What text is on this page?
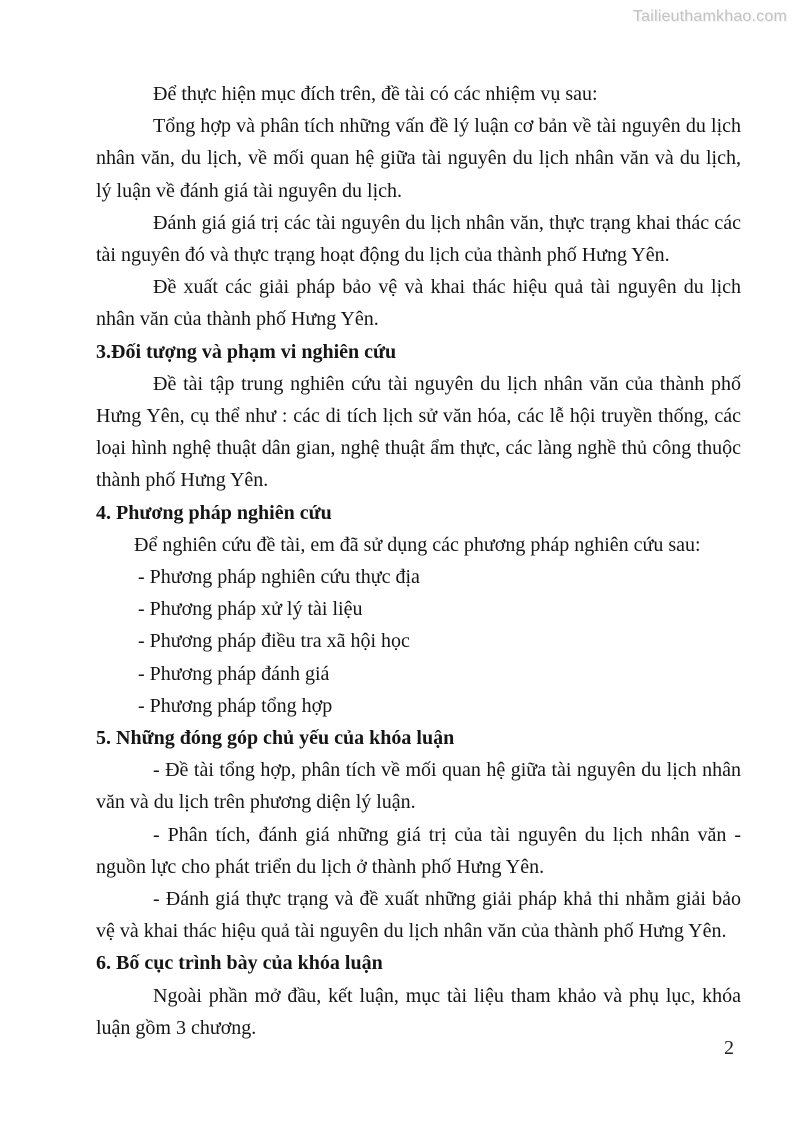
Tailieuthamkhao.com

Để thực hiện mục đích trên, đề tài có các nhiệm vụ sau:

Tổng hợp và phân tích những vấn đề lý luận cơ bản về tài nguyên du lịch nhân văn, du lịch, về mối quan hệ giữa tài nguyên du lịch nhân văn và du lịch, lý luận về đánh giá tài nguyên du lịch.

Đánh giá giá trị các tài nguyên du lịch nhân văn, thực trạng khai thác các tài nguyên đó và thực trạng hoạt động du lịch của thành phố Hưng Yên.

Đề xuất các giải pháp bảo vệ và khai thác hiệu quả tài nguyên du lịch nhân văn của thành phố Hưng Yên.

3.Đối tượng và phạm vi nghiên cứu

Đề tài tập trung nghiên cứu tài nguyên du lịch nhân văn của thành phố Hưng Yên, cụ thể như : các di tích lịch sử văn hóa, các lễ hội truyền thống, các loại hình nghệ thuật dân gian, nghệ thuật ẩm thực, các làng nghề thủ công thuộc thành phố Hưng Yên.

4. Phương pháp nghiên cứu

Để nghiên cứu đề tài, em đã sử dụng các phương pháp nghiên cứu sau:

- Phương pháp nghiên cứu thực địa

- Phương pháp xử lý tài liệu

- Phương pháp điều tra xã hội học

- Phương pháp đánh giá

- Phương pháp tổng hợp

5. Những đóng góp chủ yếu của khóa luận

- Đề tài tổng hợp, phân tích về mối quan hệ giữa tài nguyên du lịch nhân văn và du lịch trên phương diện lý luận.

- Phân tích, đánh giá những giá trị của tài nguyên du lịch nhân văn - nguồn lực cho phát triển du lịch ở thành phố Hưng Yên.

- Đánh giá thực trạng và đề xuất những giải pháp khả thi nhằm giải bảo vệ và khai thác hiệu quả tài nguyên du lịch nhân văn của thành phố Hưng Yên.

6. Bố cục trình bày của khóa luận

Ngoài phần mở đầu, kết luận, mục tài liệu tham khảo và phụ lục, khóa luận gồm 3 chương.

2
